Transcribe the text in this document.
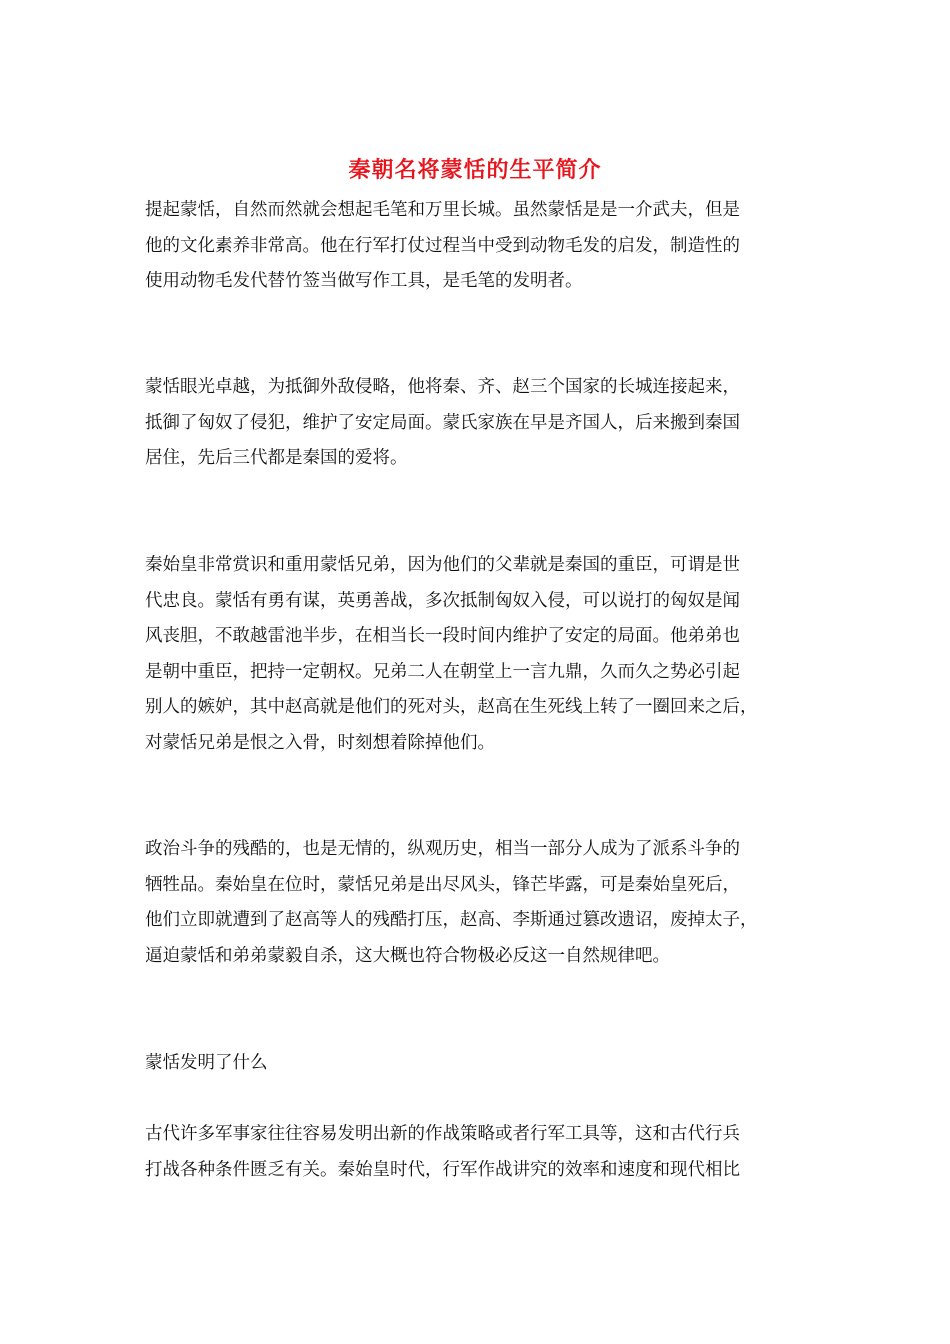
秦朝名将蒙恬的生平简介

提起蒙恬，自然而然就会想起毛笔和万里长城。虽然蒙恬是是一介武夫，但是
他的文化素养非常高。他在行军打仗过程当中受到动物毛发的启发，制造性的
使用动物毛发代替竹签当做写作工具，是毛笔的发明者。

蒙恬眼光卓越，为抵御外敌侵略，他将秦、齐、赵三个国家的长城连接起来，
抵御了匈奴了侵犯，维护了安定局面。蒙氏家族在早是齐国人，后来搬到秦国
居住，先后三代都是秦国的爱将。

秦始皇非常赏识和重用蒙恬兄弟，因为他们的父辈就是秦国的重臣，可谓是世
代忠良。蒙恬有勇有谋，英勇善战，多次抵制匈奴入侵，可以说打的匈奴是闻
风丧胆，不敢越雷池半步，在相当长一段时间内维护了安定的局面。他弟弟也
是朝中重臣，把持一定朝权。兄弟二人在朝堂上一言九鼎，久而久之势必引起
别人的嫉妒，其中赵高就是他们的死对头，赵高在生死线上转了一圈回来之后，
对蒙恬兄弟是恨之入骨，时刻想着除掉他们。

政治斗争的残酷的，也是无情的，纵观历史，相当一部分人成为了派系斗争的
牺牲品。秦始皇在位时，蒙恬兄弟是出尽风头，锋芒毕露，可是秦始皇死后，
他们立即就遭到了赵高等人的残酷打压，赵高、李斯通过篡改遗诏，废掉太子，
逼迫蒙恬和弟弟蒙毅自杀，这大概也符合物极必反这一自然规律吧。

蒙恬发明了什么

古代许多军事家往往容易发明出新的作战策略或者行军工具等，这和古代行兵
打战各种条件匮乏有关。秦始皇时代，行军作战讲究的效率和速度和现代相比
